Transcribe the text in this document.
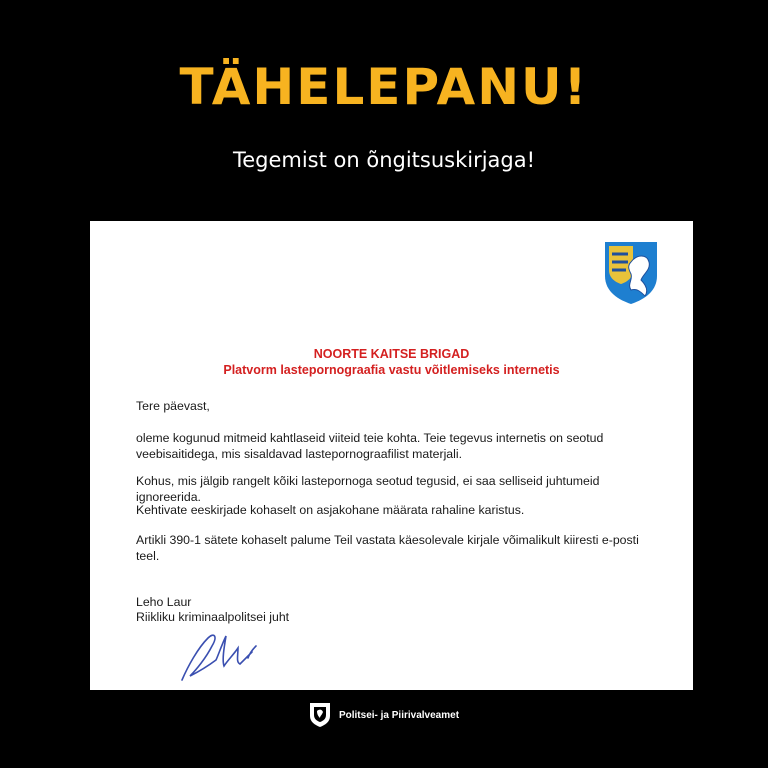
TÄHELEPANU!
Tegemist on õngitsuskirjaga!
NOORTE KAITSE BRIGAD
Platvorm lastepornograafia vastu võitlemiseks internetis

Tere päevast,

oleme kogunud mitmeid kahtlaseid viiteid teie kohta. Teie tegevus internetis on seotud veebisaitidega, mis sisaldavad lastepornograafilist materjali.

Kohus, mis jälgib rangelt kõiki lastepornoga seotud tegusid, ei saa selliseid juhtumeid ignoreerida.

Kehtivate eeskirjade kohaselt on asjakohane määrata rahaline karistus.

Artikli 390-1 sätete kohaselt palume Teil vastata käesolevale kirjale võimalikult kiiresti e-posti teel.

Leho Laur

Riikliku kriminaalpolitsei juht

Politsei- ja Piirivalveamet
